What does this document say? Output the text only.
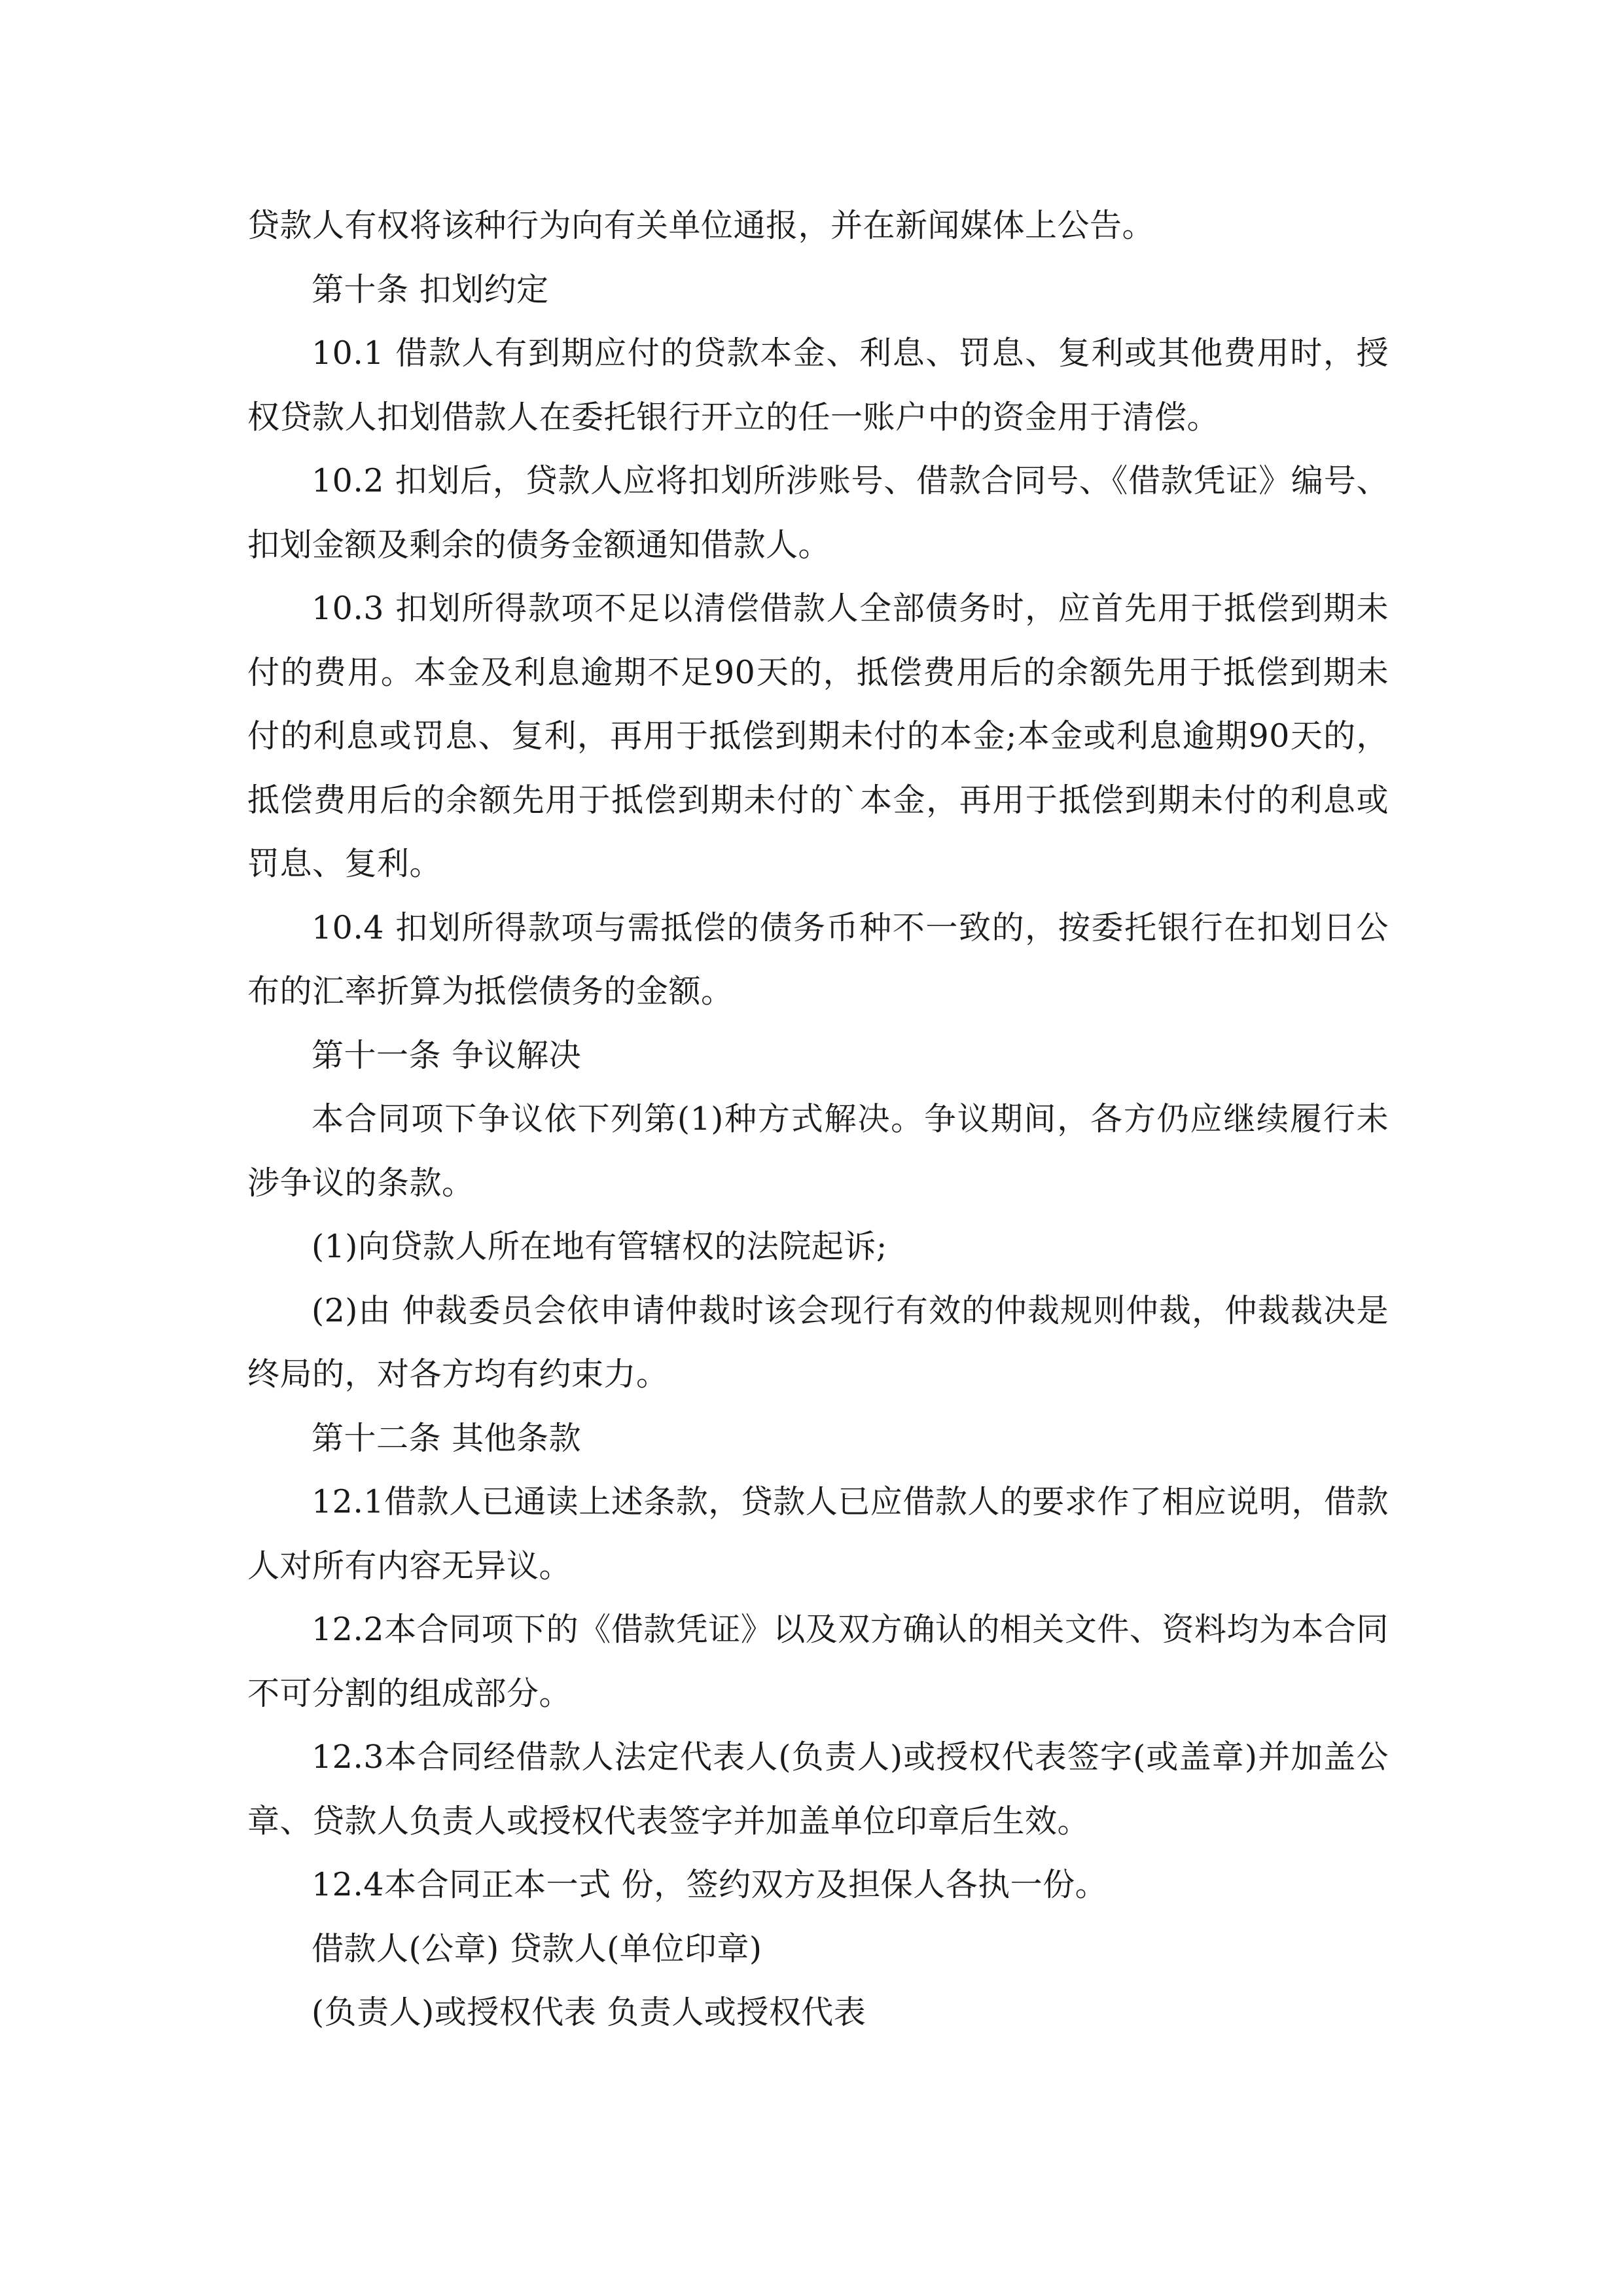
贷款人有权将该种行为向有关单位通报，并在新闻媒体上公告。

第十条 扣划约定

10.1 借款人有到期应付的贷款本金、利息、罚息、复利或其他费用时，授权贷款人扣划借款人在委托银行开立的任一账户中的资金用于清偿。

10.2 扣划后，贷款人应将扣划所涉账号、借款合同号、《借款凭证》编号、扣划金额及剩余的债务金额通知借款人。

10.3 扣划所得款项不足以清偿借款人全部债务时，应首先用于抵偿到期未付的费用。本金及利息逾期不足90天的，抵偿费用后的余额先用于抵偿到期未付的利息或罚息、复利，再用于抵偿到期未付的本金;本金或利息逾期90天的，抵偿费用后的余额先用于抵偿到期未付的`本金，再用于抵偿到期未付的利息或罚息、复利。

10.4 扣划所得款项与需抵偿的债务币种不一致的，按委托银行在扣划日公布的汇率折算为抵偿债务的金额。

第十一条 争议解决

本合同项下争议依下列第(1)种方式解决。争议期间，各方仍应继续履行未涉争议的条款。

(1)向贷款人所在地有管辖权的法院起诉;

(2)由 仲裁委员会依申请仲裁时该会现行有效的仲裁规则仲裁，仲裁裁决是终局的，对各方均有约束力。

第十二条 其他条款

12.1借款人已通读上述条款，贷款人已应借款人的要求作了相应说明，借款人对所有内容无异议。

12.2本合同项下的《借款凭证》以及双方确认的相关文件、资料均为本合同不可分割的组成部分。

12.3本合同经借款人法定代表人(负责人)或授权代表签字(或盖章)并加盖公章、贷款人负责人或授权代表签字并加盖单位印章后生效。

12.4本合同正本一式 份，签约双方及担保人各执一份。

借款人(公章) 贷款人(单位印章)

(负责人)或授权代表 负责人或授权代表
